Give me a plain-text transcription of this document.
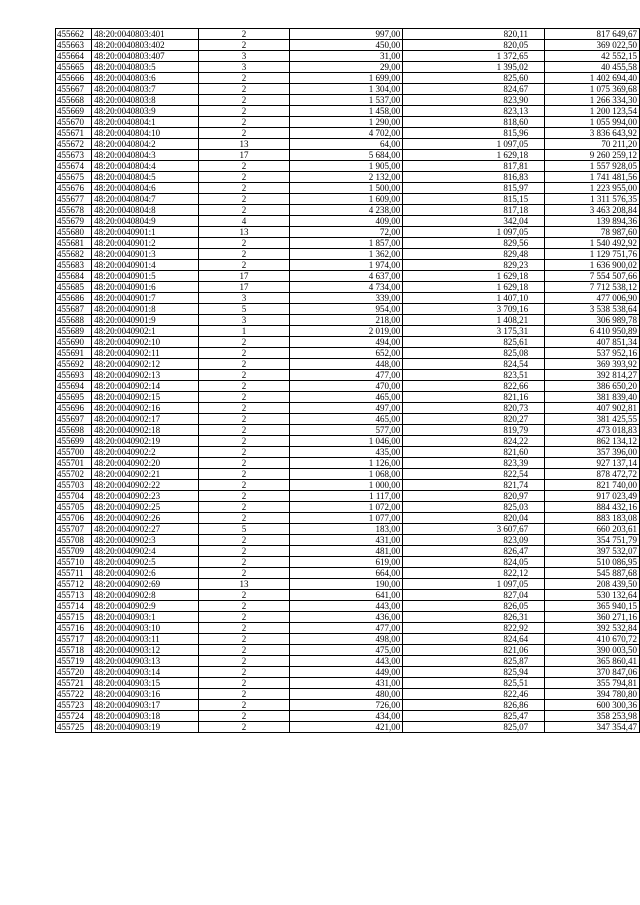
455662	48:20:0040803:401	2	997,00	820,11	817 649,67
455663	48:20:0040803:402	2	450,00	820,05	369 022,50
455664	48:20:0040803:407	3	31,00	1 372,65	42 552,15
455665	48:20:0040803:5	3	29,00	1 395,02	40 455,58
455666	48:20:0040803:6	2	1 699,00	825,60	1 402 694,40
455667	48:20:0040803:7	2	1 304,00	824,67	1 075 369,68
455668	48:20:0040803:8	2	1 537,00	823,90	1 266 334,30
455669	48:20:0040803:9	2	1 458,00	823,13	1 200 123,54
455670	48:20:0040804:1	2	1 290,00	818,60	1 055 994,00
455671	48:20:0040804:10	2	4 702,00	815,96	3 836 643,92
455672	48:20:0040804:2	13	64,00	1 097,05	70 211,20
455673	48:20:0040804:3	17	5 684,00	1 629,18	9 260 259,12
455674	48:20:0040804:4	2	1 905,00	817,81	1 557 928,05
455675	48:20:0040804:5	2	2 132,00	816,83	1 741 481,56
455676	48:20:0040804:6	2	1 500,00	815,97	1 223 955,00
455677	48:20:0040804:7	2	1 609,00	815,15	1 311 576,35
455678	48:20:0040804:8	2	4 238,00	817,18	3 463 208,84
455679	48:20:0040804:9	4	409,00	342,04	139 894,36
455680	48:20:0040901:1	13	72,00	1 097,05	78 987,60
455681	48:20:0040901:2	2	1 857,00	829,56	1 540 492,92
455682	48:20:0040901:3	2	1 362,00	829,48	1 129 751,76
455683	48:20:0040901:4	2	1 974,00	829,23	1 636 900,02
455684	48:20:0040901:5	17	4 637,00	1 629,18	7 554 507,66
455685	48:20:0040901:6	17	4 734,00	1 629,18	7 712 538,12
455686	48:20:0040901:7	3	339,00	1 407,10	477 006,90
455687	48:20:0040901:8	5	954,00	3 709,16	3 538 538,64
455688	48:20:0040901:9	3	218,00	1 408,21	306 989,78
455689	48:20:0040902:1	1	2 019,00	3 175,31	6 410 950,89
455690	48:20:0040902:10	2	494,00	825,61	407 851,34
455691	48:20:0040902:11	2	652,00	825,08	537 952,16
455692	48:20:0040902:12	2	448,00	824,54	369 393,92
455693	48:20:0040902:13	2	477,00	823,51	392 814,27
455694	48:20:0040902:14	2	470,00	822,66	386 650,20
455695	48:20:0040902:15	2	465,00	821,16	381 839,40
455696	48:20:0040902:16	2	497,00	820,73	407 902,81
455697	48:20:0040902:17	2	465,00	820,27	381 425,55
455698	48:20:0040902:18	2	577,00	819,79	473 018,83
455699	48:20:0040902:19	2	1 046,00	824,22	862 134,12
455700	48:20:0040902:2	2	435,00	821,60	357 396,00
455701	48:20:0040902:20	2	1 126,00	823,39	927 137,14
455702	48:20:0040902:21	2	1 068,00	822,54	878 472,72
455703	48:20:0040902:22	2	1 000,00	821,74	821 740,00
455704	48:20:0040902:23	2	1 117,00	820,97	917 023,49
455705	48:20:0040902:25	2	1 072,00	825,03	884 432,16
455706	48:20:0040902:26	2	1 077,00	820,04	883 183,08
455707	48:20:0040902:27	5	183,00	3 607,67	660 203,61
455708	48:20:0040902:3	2	431,00	823,09	354 751,79
455709	48:20:0040902:4	2	481,00	826,47	397 532,07
455710	48:20:0040902:5	2	619,00	824,05	510 086,95
455711	48:20:0040902:6	2	664,00	822,12	545 887,68
455712	48:20:0040902:69	13	190,00	1 097,05	208 439,50
455713	48:20:0040902:8	2	641,00	827,04	530 132,64
455714	48:20:0040902:9	2	443,00	826,05	365 940,15
455715	48:20:0040903:1	2	436,00	826,31	360 271,16
455716	48:20:0040903:10	2	477,00	822,92	392 532,84
455717	48:20:0040903:11	2	498,00	824,64	410 670,72
455718	48:20:0040903:12	2	475,00	821,06	390 003,50
455719	48:20:0040903:13	2	443,00	825,87	365 860,41
455720	48:20:0040903:14	2	449,00	825,94	370 847,06
455721	48:20:0040903:15	2	431,00	825,51	355 794,81
455722	48:20:0040903:16	2	480,00	822,46	394 780,80
455723	48:20:0040903:17	2	726,00	826,86	600 300,36
455724	48:20:0040903:18	2	434,00	825,47	358 253,98
455725	48:20:0040903:19	2	421,00	825,07	347 354,47
